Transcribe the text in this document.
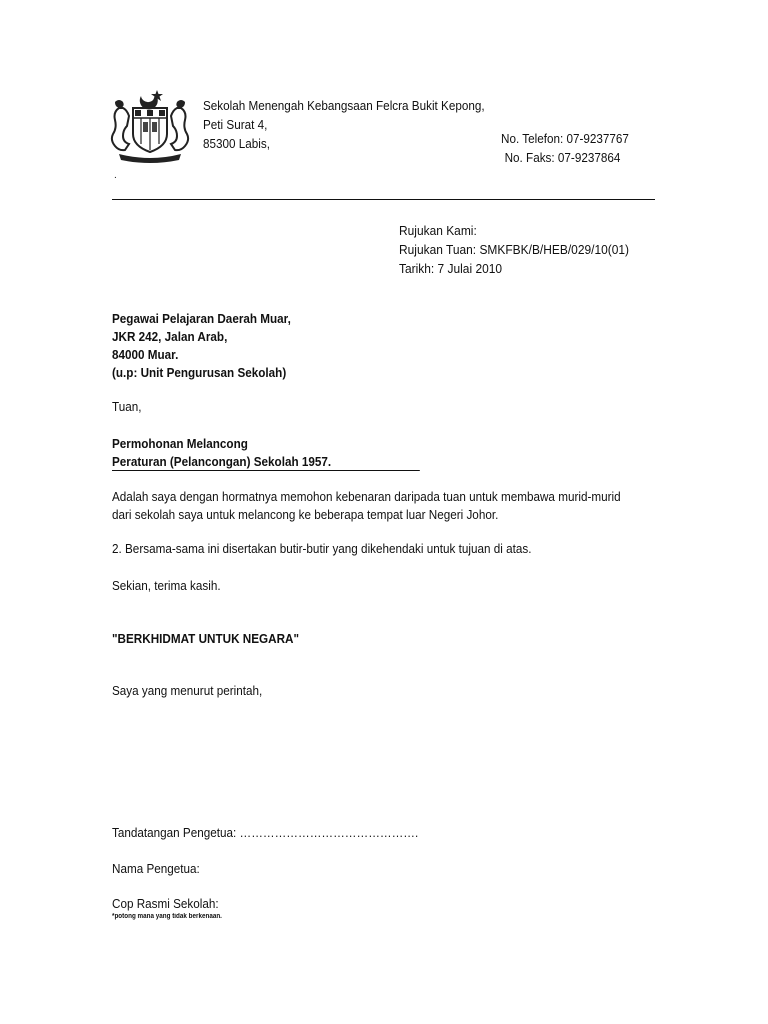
Sekolah Menengah Kebangsaan Felcra Bukit Kepong,
Peti Surat 4,
85300 Labis,	No. Telefon: 07-9237767
No. Faks: 07-9237864
.
Rujukan Kami:
Rujukan Tuan: SMKFBK/B/HEB/029/10(01)
Tarikh: 7 Julai 2010
Pegawai Pelajaran Daerah Muar,
JKR 242, Jalan Arab,
84000 Muar.
(u.p: Unit Pengurusan Sekolah)
Tuan,
Permohonan Melancong
Peraturan (Pelancongan) Sekolah 1957.
Adalah saya dengan hormatnya memohon kebenaran daripada tuan untuk membawa murid-murid
dari sekolah saya untuk melancong ke beberapa tempat luar Negeri Johor.
2. Bersama-sama ini disertakan butir-butir yang dikehendaki untuk tujuan di atas.
Sekian, terima kasih.
"BERKHIDMAT UNTUK NEGARA"
Saya yang menurut perintah,
Tandatangan Pengetua: ……………………………………….
Nama Pengetua:
Cop Rasmi Sekolah:
*potong mana yang tidak berkenaan.
